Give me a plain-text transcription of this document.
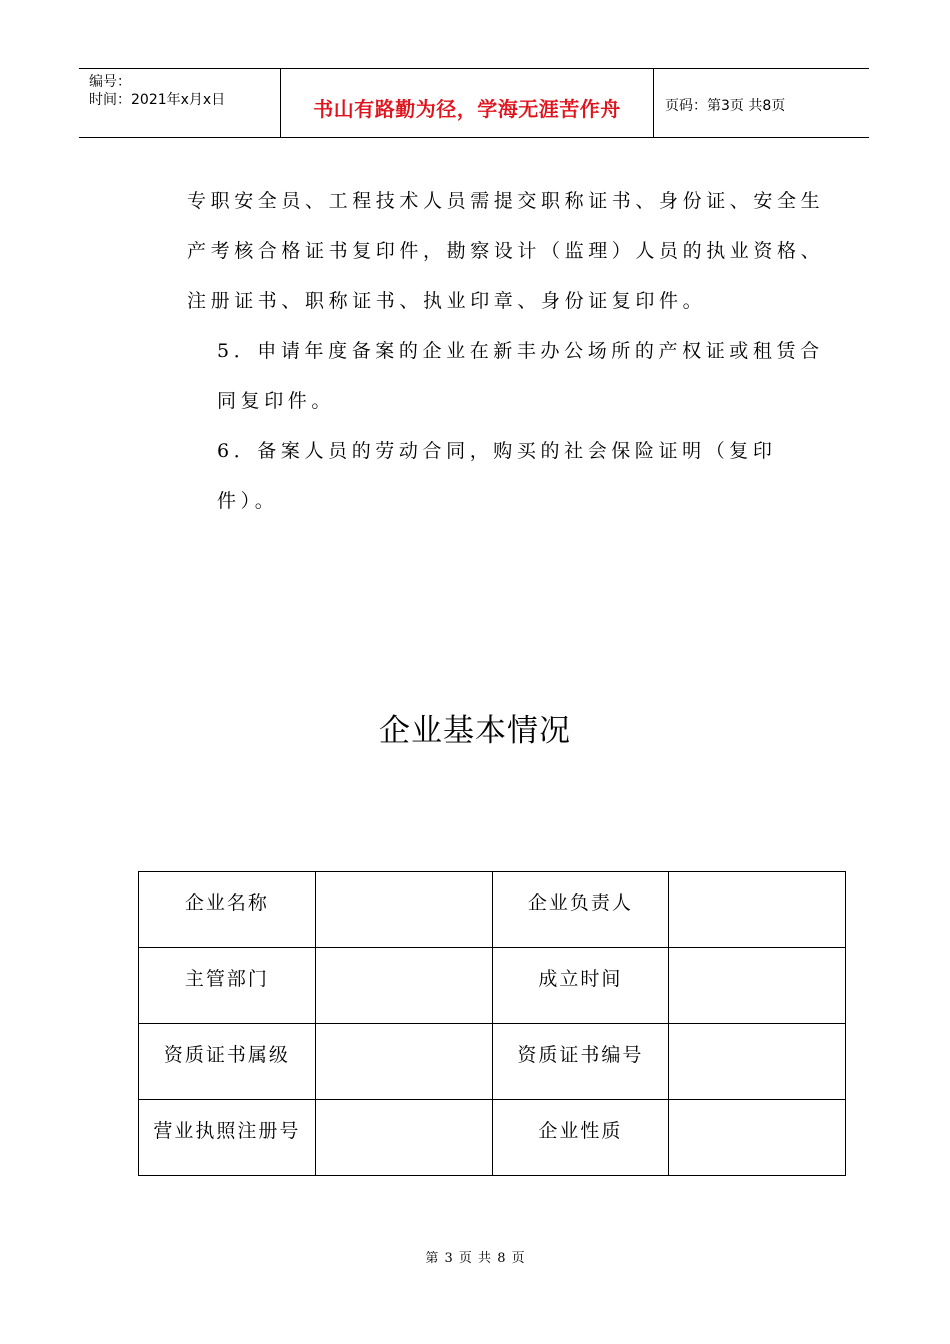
编号：
时间：2021年x月x日	书山有路勤为径，学海无涯苦作舟	页码：第3页 共8页

专职安全员、工程技术人员需提交职称证书、身份证、安全生产考核合格证书复印件，勘察设计（监理）人员的执业资格、注册证书、职称证书、执业印章、身份证复印件。

5．申请年度备案的企业在新丰办公场所的产权证或租赁合同复印件。

6．备案人员的劳动合同，购买的社会保险证明（复印件）。

企业基本情况
企业名称		企业负责人	
主管部门		成立时间	
资质证书属级		资质证书编号	
营业执照注册号		企业性质	
第 3 页 共 8 页
